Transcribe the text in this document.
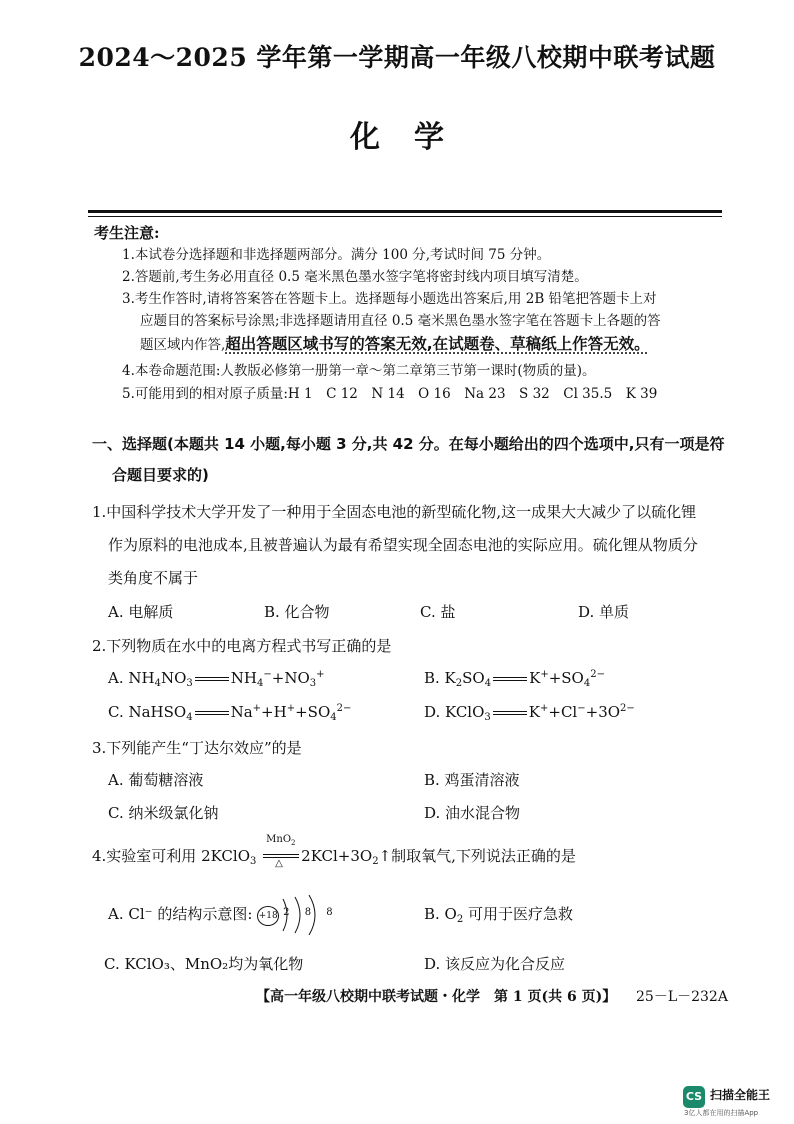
2024～2025 学年第一学期高一年级八校期中联考试题
化学
考生注意:
1.本试卷分选择题和非选择题两部分。满分 100 分,考试时间 75 分钟。
2.答题前,考生务必用直径 0.5 毫米黑色墨水签字笔将密封线内项目填写清楚。
3.考生作答时,请将答案答在答题卡上。选择题每小题选出答案后,用 2B 铅笔把答题卡上对
应题目的答案标号涂黑;非选择题请用直径 0.5 毫米黑色墨水签字笔在答题卡上各题的答
题区域内作答,超出答题区域书写的答案无效,在试题卷、草稿纸上作答无效。
4.本卷命题范围:人教版必修第一册第一章～第二章第三节第一课时(物质的量)。
5.可能用到的相对原子质量:H 1　C 12　N 14　O 16　Na 23　S 32　Cl 35.5　K 39
一、选择题(本题共 14 小题,每小题 3 分,共 42 分。在每小题给出的四个选项中,只有一项是符
合题目要求的)
1.中国科学技术大学开发了一种用于全固态电池的新型硫化物,这一成果大大减少了以硫化锂
作为原料的电池成本,且被普遍认为最有希望实现全固态电池的实际应用。硫化锂从物质分
类角度不属于
A. 电解质	B. 化合物	C. 盐	D. 单质
2.下列物质在水中的电离方程式书写正确的是
A. $NH_4NO_3$	$NH_4^-+NO_3^+$	B. $K_2SO_4$	$K^++SO_4^{2-}$
C. NaHSO$_4$	$Na^++H^++SO_4^{2-}$	D. KClO$_3$	$K^++Cl^-+3O^{2-}$
3.下列能产生“丁达尔效应”的是
A. 葡萄糖溶液	B. 鸡蛋清溶液
C. 纳米级氯化钠	D. 油水混合物
4.实验室可利用 2KClO$_3$
MnO$_2$
△ $2KCl+3O_2↑$制取氧气,下列说法正确的是
A. Cl⁻ 的结构示意图: +18 2 8 8	B. $O_2$ 可用于医疗急救
C. KClO₃、MnO₂均为氧化物	D. 该反应为化合反应
【高一年级八校期中联考试题・化学　第 1 页(共 6 页)】 25－L－232A
CS 扫描全能王
3亿人都在用的扫描App
